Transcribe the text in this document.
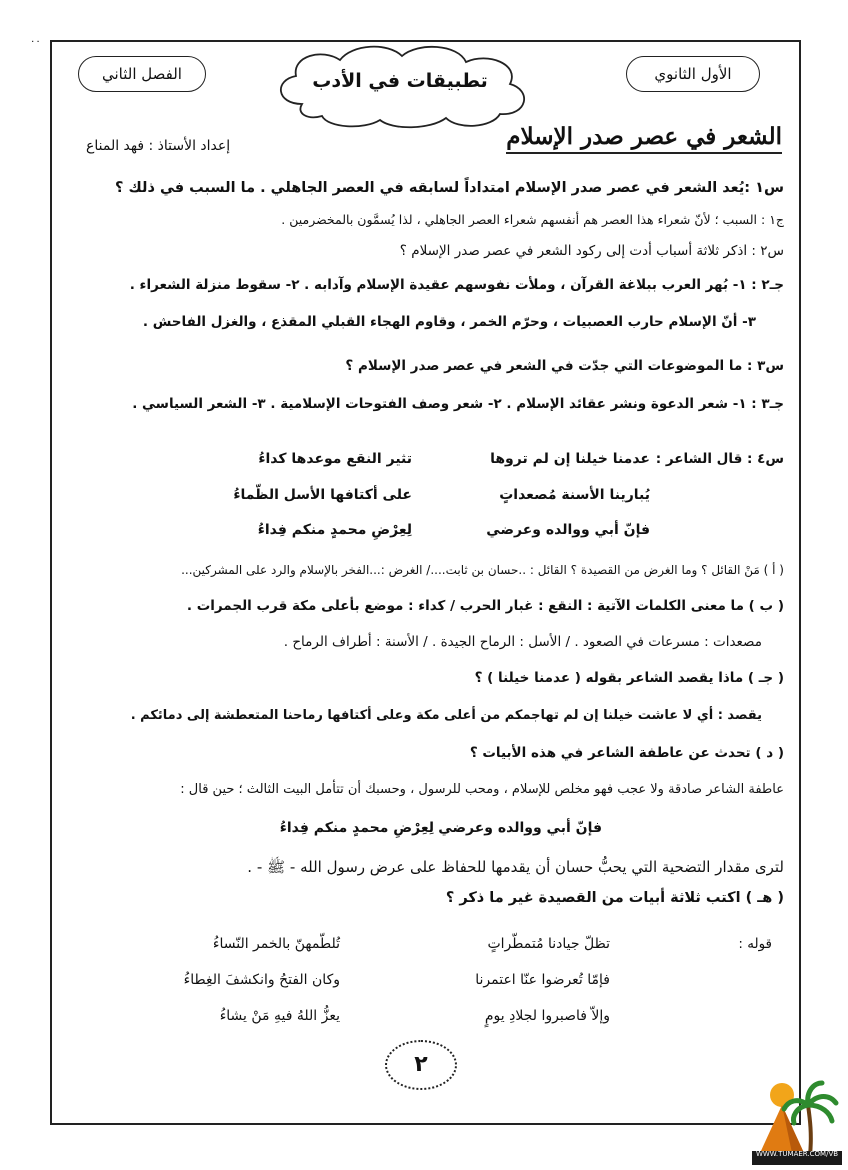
٠٠
الأول الثانوي
الفصل الثاني	تطبيقات في الأدب
الشعر في عصر صدر الإسلام
إعداد الأستاذ : فهد المناع
س١ :يُعد الشعر في عصر صدر الإسلام امتداداً لسابقه في العصر الجاهلي . ما السبب في ذلك ؟
ج١ : السبب ؛ لأنّ شعراء هذا العصر هم أنفسهم شعراء العصر الجاهلي ، لذا يُسمَّون بالمخضرمين .
س٢ : اذكر ثلاثة أسباب أدت إلى ركود الشعر في عصر صدر الإسلام ؟
جـ٢ : ١- بُهر العرب ببلاغة القرآن ، وملأت نفوسهم عقيدة الإسلام وآدابه . ٢- سقوط منزلة الشعراء .
٣- أنّ الإسلام حارب العصبيات ، وحرّم الخمر ، وقاوم الهجاء القبلي المقذع ، والغزل الفاحش .
س٣ : ما الموضوعات التي جدّت في الشعر في عصر صدر الإسلام ؟
جـ٣ : ١- شعر الدعوة ونشر عقائد الإسلام . ٢- شعر وصف الفتوحات الإسلامية . ٣- الشعر السياسي .
س٤ : قال الشاعر :
عدمنا خيلنا إن لم تروها
تثير النقع موعدها كداءُ
يُبارينا الأسنة مُصعداتٍ
على أكتافها الأسل الظّماءُ
فإنّ أبي ووالده وعرضي
لِعِرْضِ محمدٍ منكم فِداءُ
( أ ) مَنْ القائل ؟ وما الغرض من القصيدة ؟ القائل : ..حسان بن ثابت..../ الغرض :...الفخر بالإسلام والرد على المشركين...
( ب ) ما معنى الكلمات الآتية : النقع : غبار الحرب / كداء : موضع بأعلى مكة قرب الجمرات .
مصعدات : مسرعات في الصعود . / الأسل : الرماح الجيدة . / الأسنة : أطراف الرماح .
( جـ ) ماذا يقصد الشاعر بقوله ( عدمنا خيلنا ) ؟
يقصد : أي لا عاشت خيلنا إن لم تهاجمكم من أعلى مكة وعلى أكتافها رماحنا المتعطشة إلى دمائكم .
( د ) تحدث عن عاطفة الشاعر في هذه الأبيات ؟
عاطفة الشاعر صادقة ولا عجب فهو مخلص للإسلام ، ومحب للرسول ، وحسبك أن تتأمل البيت الثالث ؛ حين قال :
فإنّ أبي ووالده وعرضي
لِعِرْضِ محمدٍ منكم فِداءُ
لترى مقدار التضحية التي يحبُّ حسان أن يقدمها للحفاظ على عرض رسول الله - ﷺ - .
( هـ ) اكتب ثلاثة أبيات من القصيدة غير ما ذكر ؟
قوله :
تظلّ جيادنا مُتمطّراتٍ
تُلطّمهنّ بالخمر النّساءُ
فإمّا تُعرضوا عنّا اعتمرنا
وكان الفتحُ وانكشفَ الغِطاءُ
وإلاّ فاصبروا لجلادِ يومٍ
يعزُّ اللهُ فيهِ مَنْ يشاءُ
٢
WWW.TUMAER.COM/VB
